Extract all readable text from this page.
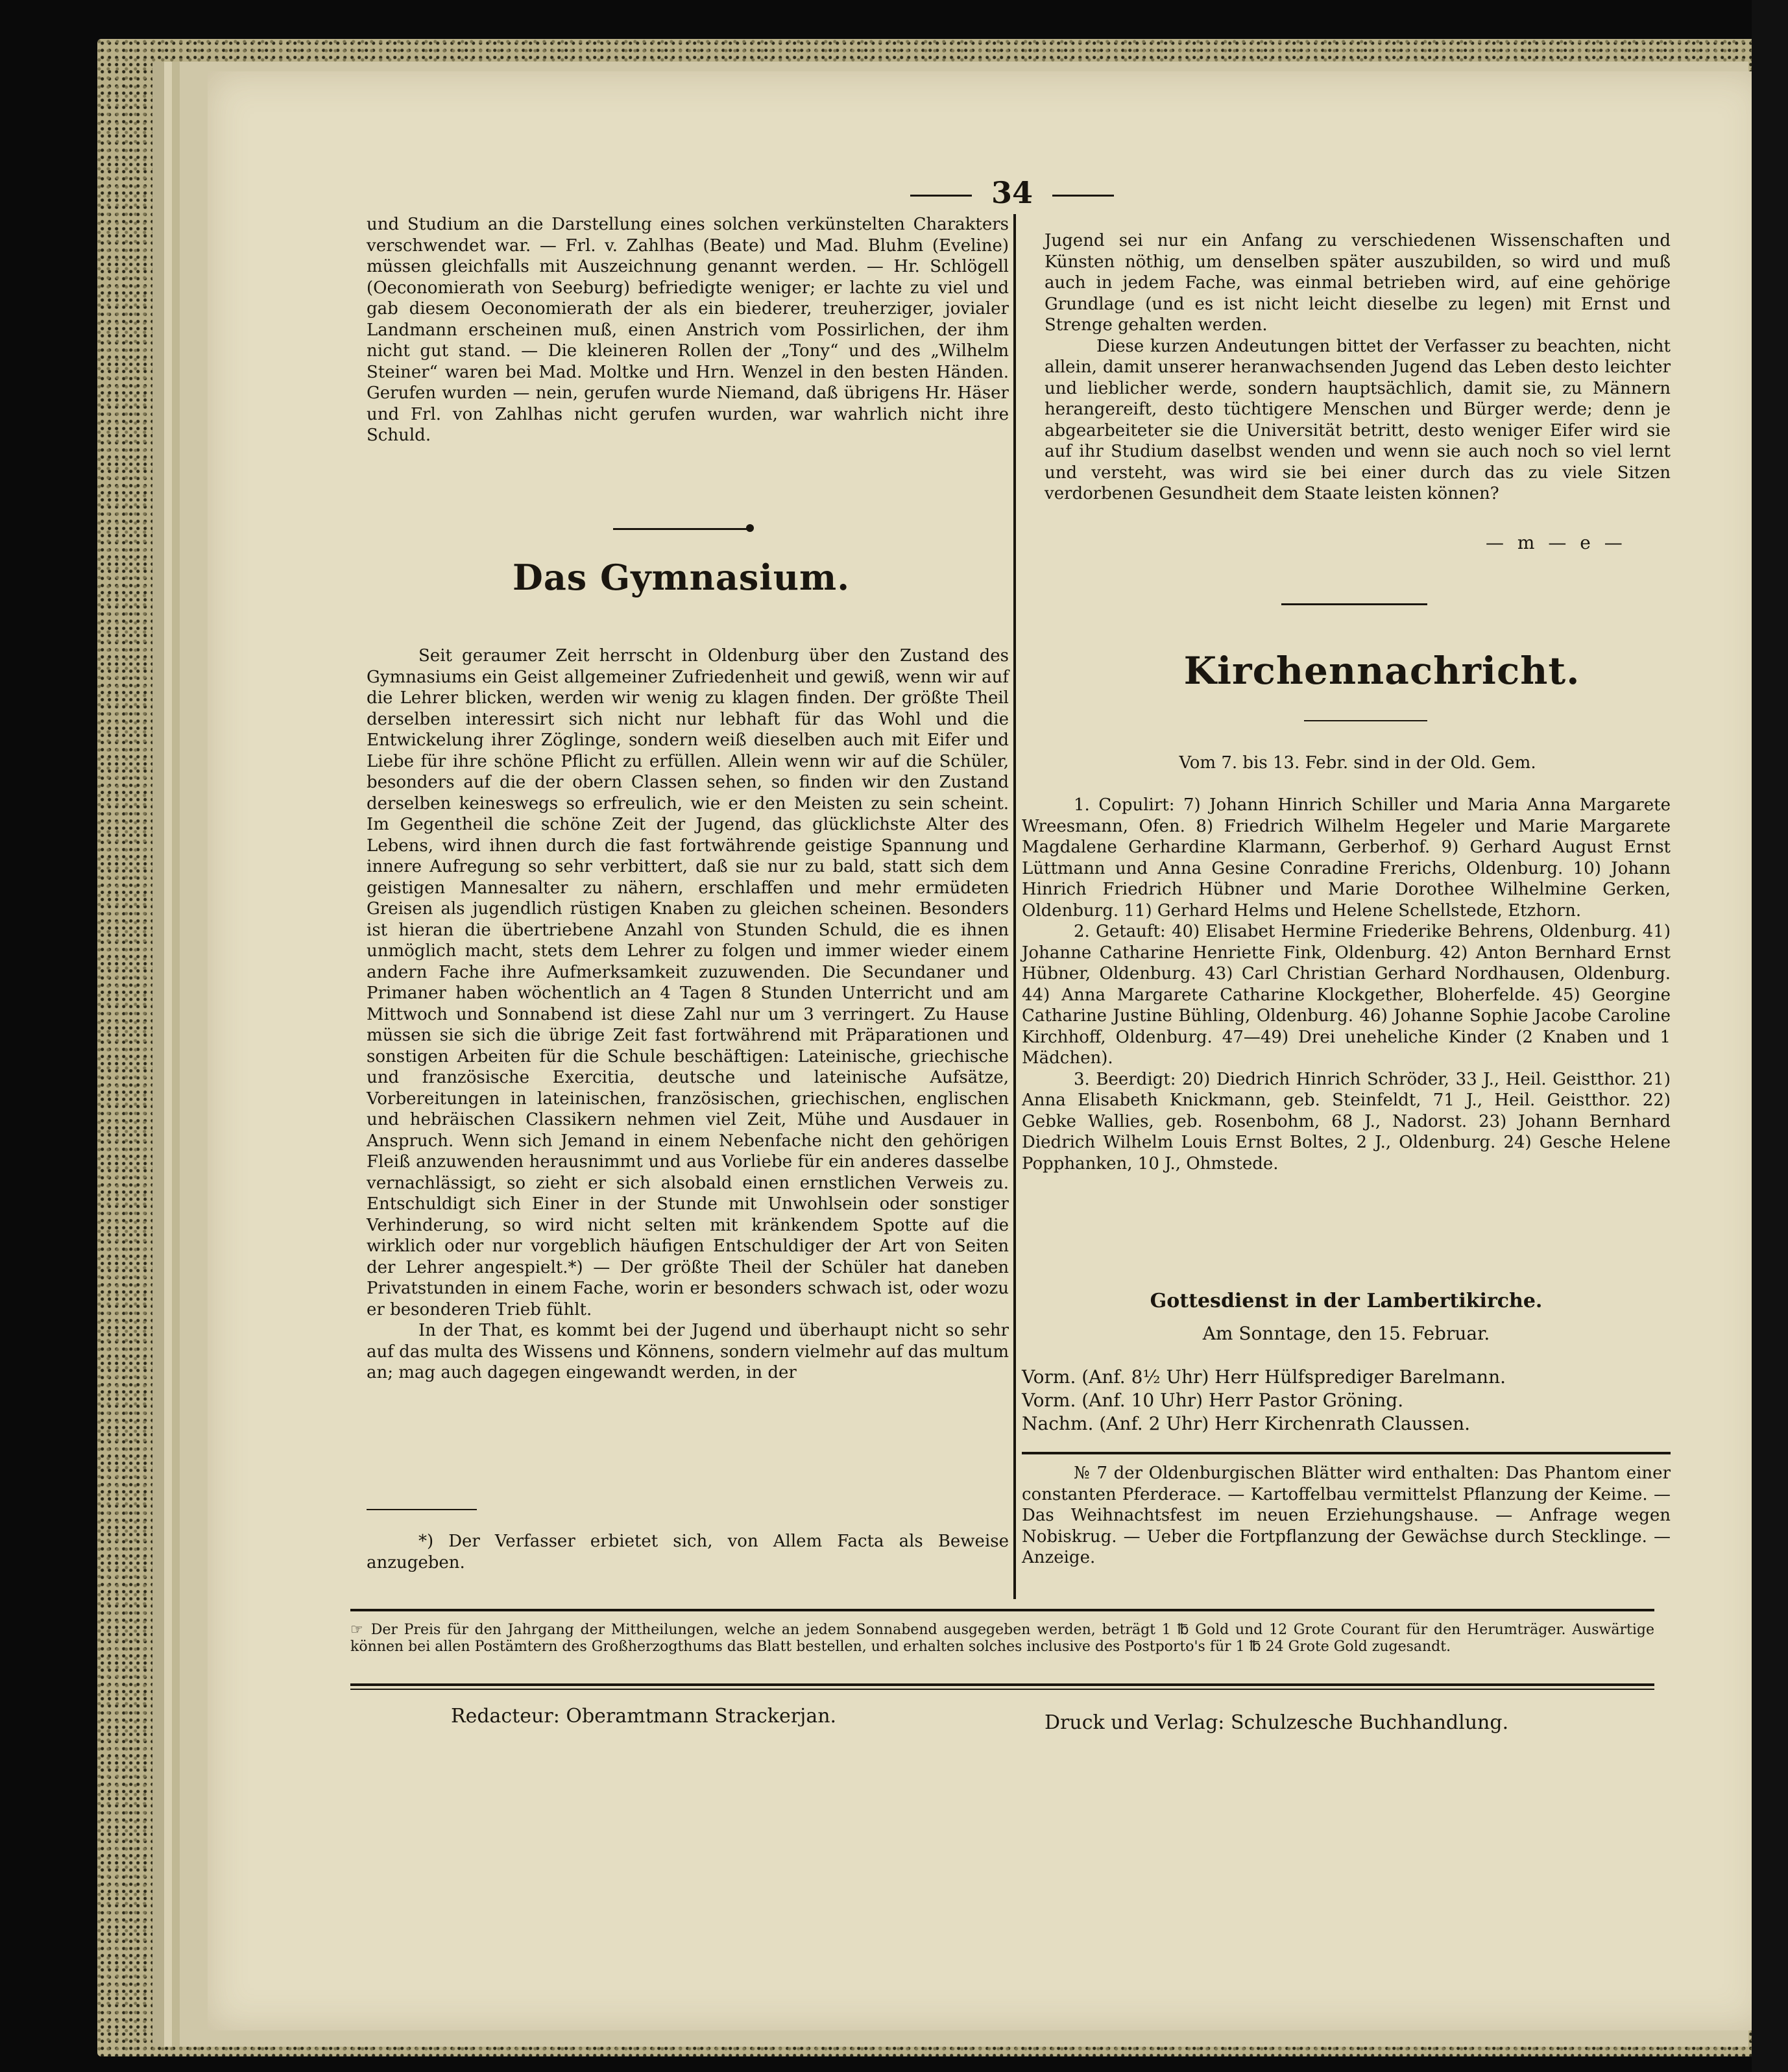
34

und Studium an die Darstellung eines solchen verkünstelten Charakters verschwendet war. — Frl. v. Zahlhas (Beate) und Mad. Bluhm (Eveline) müssen gleichfalls mit Auszeichnung genannt werden. — Hr. Schlögell (Oeconomierath von Seeburg) befriedigte weniger; er lachte zu viel und gab diesem Oeconomierath der als ein biederer, treuherziger, jovialer Landmann erscheinen muß, einen Anstrich vom Possirlichen, der ihm nicht gut stand. — Die kleineren Rollen der „Tony“ und des „Wilhelm Steiner“ waren bei Mad. Moltke und Hrn. Wenzel in den besten Händen. Gerufen wurden — nein, gerufen wurde Niemand, daß übrigens Hr. Häser und Frl. von Zahlhas nicht gerufen wurden, war wahrlich nicht ihre Schuld.

Das Gymnasium.

Seit geraumer Zeit herrscht in Oldenburg über den Zustand des Gymnasiums ein Geist allgemeiner Zufriedenheit und gewiß, wenn wir auf die Lehrer blicken, werden wir wenig zu klagen finden. Der größte Theil derselben interessirt sich nicht nur lebhaft für das Wohl und die Entwickelung ihrer Zöglinge, sondern weiß dieselben auch mit Eifer und Liebe für ihre schöne Pflicht zu erfüllen. Allein wenn wir auf die Schüler, besonders auf die der obern Classen sehen, so finden wir den Zustand derselben keineswegs so erfreulich, wie er den Meisten zu sein scheint. Im Gegentheil die schöne Zeit der Jugend, das glücklichste Alter des Lebens, wird ihnen durch die fast fortwährende geistige Spannung und innere Aufregung so sehr verbittert, daß sie nur zu bald, statt sich dem geistigen Mannesalter zu nähern, erschlaffen und mehr ermüdeten Greisen als jugendlich rüstigen Knaben zu gleichen scheinen. Besonders ist hieran die übertriebene Anzahl von Stunden Schuld, die es ihnen unmöglich macht, stets dem Lehrer zu folgen und immer wieder einem andern Fache ihre Aufmerksamkeit zuzuwenden. Die Secundaner und Primaner haben wöchentlich an 4 Tagen 8 Stunden Unterricht und am Mittwoch und Sonnabend ist diese Zahl nur um 3 verringert. Zu Hause müssen sie sich die übrige Zeit fast fortwährend mit Präparationen und sonstigen Arbeiten für die Schule beschäftigen: Lateinische, griechische und französische Exercitia, deutsche und lateinische Aufsätze, Vorbereitungen in lateinischen, französischen, griechischen, englischen und hebräischen Classikern nehmen viel Zeit, Mühe und Ausdauer in Anspruch. Wenn sich Jemand in einem Nebenfache nicht den gehörigen Fleiß anzuwenden herausnimmt und aus Vorliebe für ein anderes dasselbe vernachlässigt, so zieht er sich alsobald einen ernstlichen Verweis zu. Entschuldigt sich Einer in der Stunde mit Unwohlsein oder sonstiger Verhinderung, so wird nicht selten mit kränkendem Spotte auf die wirklich oder nur vorgeblich häufigen Entschuldiger der Art von Seiten der Lehrer angespielt.*) — Der größte Theil der Schüler hat daneben Privatstunden in einem Fache, worin er besonders schwach ist, oder wozu er besonderen Trieb fühlt.

In der That, es kommt bei der Jugend und überhaupt nicht so sehr auf das multa des Wissens und Könnens, sondern vielmehr auf das multum an; mag auch dagegen eingewandt werden, in der

*) Der Verfasser erbietet sich, von Allem Facta als Beweise anzugeben.

Jugend sei nur ein Anfang zu verschiedenen Wissenschaften und Künsten nöthig, um denselben später auszubilden, so wird und muß auch in jedem Fache, was einmal betrieben wird, auf eine gehörige Grundlage (und es ist nicht leicht dieselbe zu legen) mit Ernst und Strenge gehalten werden.

Diese kurzen Andeutungen bittet der Verfasser zu beachten, nicht allein, damit unserer heranwachsenden Jugend das Leben desto leichter und lieblicher werde, sondern hauptsächlich, damit sie, zu Männern herangereift, desto tüchtigere Menschen und Bürger werde; denn je abgearbeiteter sie die Universität betritt, desto weniger Eifer wird sie auf ihr Studium daselbst wenden und wenn sie auch noch so viel lernt und versteht, was wird sie bei einer durch das zu viele Sitzen verdorbenen Gesundheit dem Staate leisten können?

— m — e —
Kirchennachricht.

Vom 7. bis 13. Febr. sind in der Old. Gem.

1. Copulirt: 7) Johann Hinrich Schiller und Maria Anna Margarete Wreesmann, Ofen. 8) Friedrich Wilhelm Hegeler und Marie Margarete Magdalene Gerhardine Klarmann, Gerberhof. 9) Gerhard August Ernst Lüttmann und Anna Gesine Conradine Frerichs, Oldenburg. 10) Johann Hinrich Friedrich Hübner und Marie Dorothee Wilhelmine Gerken, Oldenburg. 11) Gerhard Helms und Helene Schellstede, Etzhorn.

2. Getauft: 40) Elisabet Hermine Friederike Behrens, Oldenburg. 41) Johanne Catharine Henriette Fink, Oldenburg. 42) Anton Bernhard Ernst Hübner, Oldenburg. 43) Carl Christian Gerhard Nordhausen, Oldenburg. 44) Anna Margarete Catharine Klockgether, Bloherfelde. 45) Georgine Catharine Justine Bühling, Oldenburg. 46) Johanne Sophie Jacobe Caroline Kirchhoff, Oldenburg. 47—49) Drei uneheliche Kinder (2 Knaben und 1 Mädchen).

3. Beerdigt: 20) Diedrich Hinrich Schröder, 33 J., Heil. Geistthor. 21) Anna Elisabeth Knickmann, geb. Steinfeldt, 71 J., Heil. Geistthor. 22) Gebke Wallies, geb. Rosenbohm, 68 J., Nadorst. 23) Johann Bernhard Diedrich Wilhelm Louis Ernst Boltes, 2 J., Oldenburg. 24) Gesche Helene Popphanken, 10 J., Ohmstede.

Gottesdienst in der Lambertikirche.
Am Sonntage, den 15. Februar.

Vorm. (Anf. 8½ Uhr) Herr Hülfsprediger Barelmann.

Vorm. (Anf. 10 Uhr) Herr Pastor Gröning.

Nachm. (Anf. 2 Uhr) Herr Kirchenrath Claussen.

№ 7 der Oldenburgischen Blätter wird enthalten: Das Phantom einer constanten Pferderace. — Kartoffelbau vermittelst Pflanzung der Keime. — Das Weihnachtsfest im neuen Erziehungshause. — Anfrage wegen Nobiskrug. — Ueber die Fortpflanzung der Gewächse durch Stecklinge. — Anzeige.

☞ Der Preis für den Jahrgang der Mittheilungen, welche an jedem Sonnabend ausgegeben werden, beträgt 1 ℔ Gold und 12 Grote Courant für den Herumträger. Auswärtige können bei allen Postämtern des Großherzogthums das Blatt bestellen, und erhalten solches inclusive des Postporto's für 1 ℔ 24 Grote Gold zugesandt.
Redacteur: Oberamtmann Strackerjan.	Druck und Verlag: Schulzesche Buchhandlung.
